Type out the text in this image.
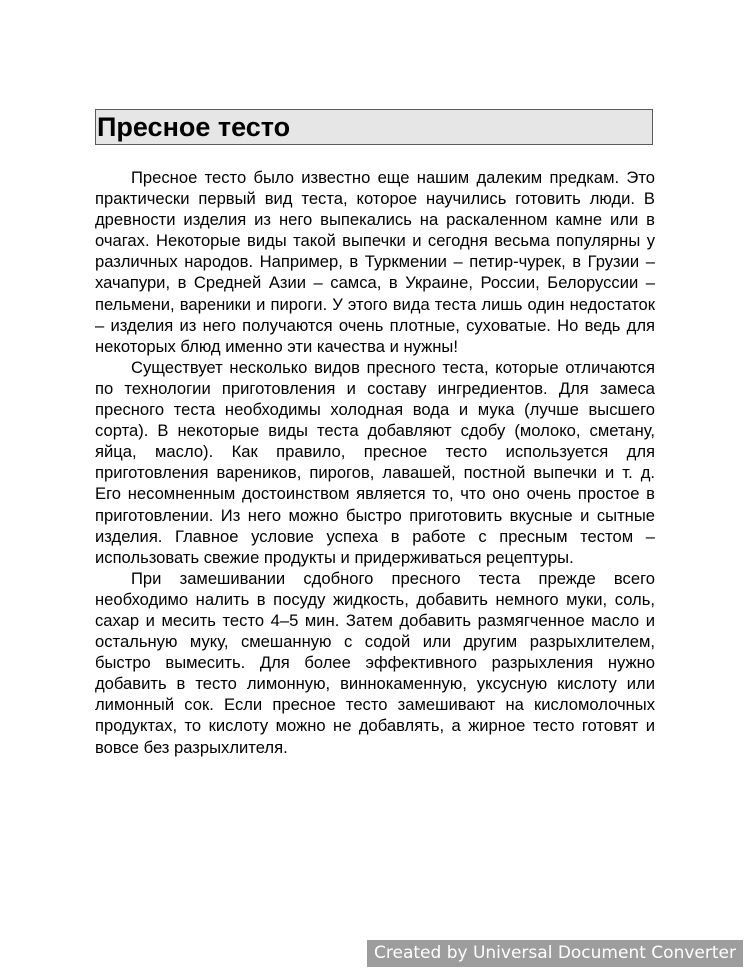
Пресное тесто

Пресное тесто было известно еще нашим далеким предкам. Это практически первый вид теста, которое научились готовить люди. В древности изделия из него выпекались на раскаленном камне или в очагах. Некоторые виды такой выпечки и сегодня весьма популярны у различных народов. Например, в Туркмении – петир-чурек, в Грузии – хачапури, в Средней Азии – самса, в Украине, России, Белоруссии – пельмени, вареники и пироги. У этого вида теста лишь один недостаток – изделия из него получаются очень плотные, суховатые. Но ведь для некоторых блюд именно эти качества и нужны!

Существует несколько видов пресного теста, которые отличаются по технологии приготовления и составу ингредиентов. Для замеса пресного теста необходимы холодная вода и мука (лучше высшего сорта). В некоторые виды теста добавляют сдобу (молоко, сметану, яйца, масло). Как правило, пресное тесто используется для приготовления вареников, пирогов, лавашей, постной выпечки и т. д. Его несомненным достоинством является то, что оно очень простое в приготовлении. Из него можно быстро приготовить вкусные и сытные изделия. Главное условие успеха в работе с пресным тестом – использовать свежие продукты и придерживаться рецептуры.

При замешивании сдобного пресного теста прежде всего необходимо налить в посуду жидкость, добавить немного муки, соль, сахар и месить тесто 4–5 мин. Затем добавить размягченное масло и остальную муку, смешанную с содой или другим разрыхлителем, быстро вымесить. Для более эффективного разрыхления нужно добавить в тесто лимонную, виннокаменную, уксусную кислоту или лимонный сок. Если пресное тесто замешивают на кисломолочных продуктах, то кислоту можно не добавлять, а жирное тесто готовят и вовсе без разрыхлителя.

Created by Universal Document Converter
